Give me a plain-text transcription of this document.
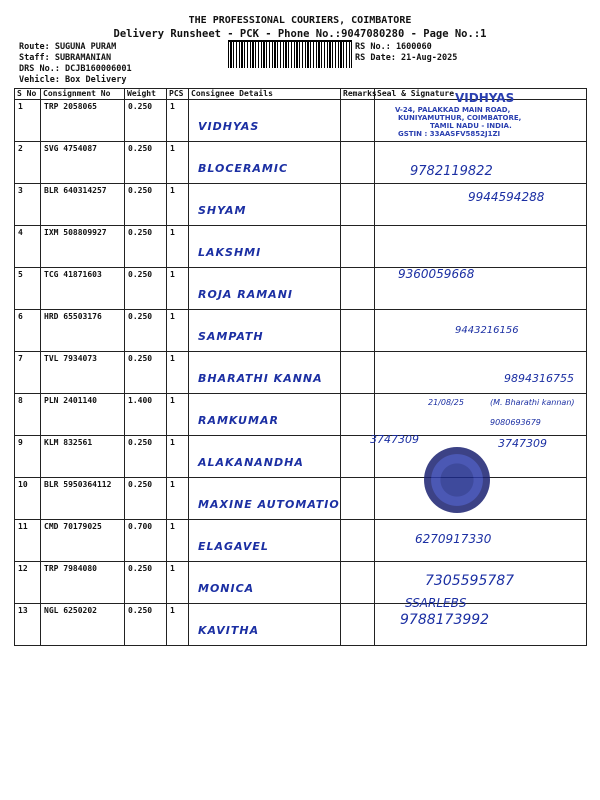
THE PROFESSIONAL COURIERS, COIMBATORE
Delivery Runsheet - PCK - Phone No.:9047080280 - Page No.:1
Route: SUGUNA PURAM
Staff: SUBRAMANIAN
DRS No.: DCJB160006001
Vehicle: Box Delivery
RS No.: 1600060
RS Date: 21-Aug-2025
S No	Consignment No	Weight	PCS	Consignee Details	Remarks	Seal & Signature
1	TRP 2058065	0.250	1	VIDHYAS		
2	SVG 4754087	0.250	1	BLOCERAMIC		
3	BLR 640314257	0.250	1	SHYAM		
4	IXM 508809927	0.250	1	LAKSHMI		
5	TCG 41871603	0.250	1	ROJA RAMANI		
6	HRD 65503176	0.250	1	SAMPATH		
7	TVL 7934073	0.250	1	BHARATHI KANNA		
8	PLN 2401140	1.400	1	RAMKUMAR		
9	KLM 832561	0.250	1	ALAKANANDHA		
10	BLR 5950364112	0.250	1	MAXINE AUTOMATIO		
11	CMD 70179025	0.700	1	ELAGAVEL		
12	TRP 7984080	0.250	1	MONICA		
13	NGL 6250202	0.250	1	KAVITHA		
VIDHYAS
V-24, PALAKKAD MAIN ROAD,
KUNIYAMUTHUR, COIMBATORE,
TAMIL NADU - INDIA.
GSTIN : 33AASFV5852J1ZI
9782119822
9944594288
9360059668
9443216156
9894316755
21/08/25	(M. Bharathi kannan)
9080693679
3747309	3747309
6270917330
7305595787
SSARLEBS
9788173992
